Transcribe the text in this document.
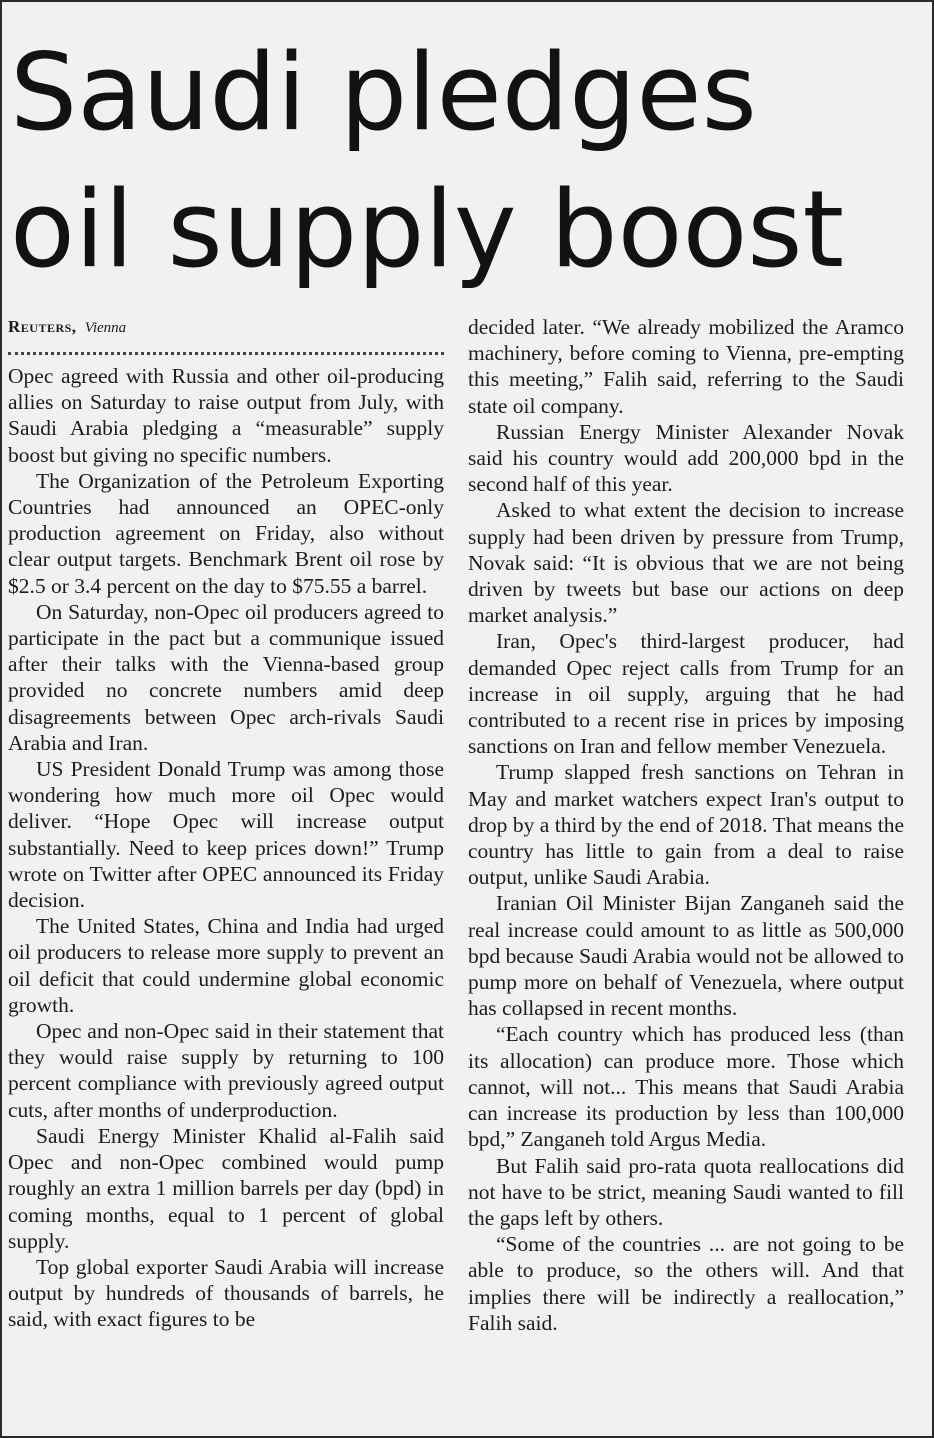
Saudi pledges
oil supply boost

Reuters, Vienna

Opec agreed with Russia and other oil-producing allies on Saturday to raise output from July, with Saudi Arabia pledging a “measurable” supply boost but giving no specific numbers.

The Organization of the Petroleum Exporting Countries had announced an OPEC-only production agreement on Friday, also without clear output targets. Benchmark Brent oil rose by $2.5 or 3.4 percent on the day to $75.55 a barrel.

On Saturday, non-Opec oil producers agreed to participate in the pact but a communique issued after their talks with the Vienna-based group provided no concrete numbers amid deep disagreements between Opec arch-rivals Saudi Arabia and Iran.

US President Donald Trump was among those wondering how much more oil Opec would deliver. “Hope Opec will increase output substantially. Need to keep prices down!” Trump wrote on Twitter after OPEC announced its Friday decision.

The United States, China and India had urged oil producers to release more supply to prevent an oil deficit that could undermine global economic growth.

Opec and non-Opec said in their statement that they would raise supply by returning to 100 percent compliance with previously agreed output cuts, after months of underproduction.

Saudi Energy Minister Khalid al-Falih said Opec and non-Opec combined would pump roughly an extra 1 million barrels per day (bpd) in coming months, equal to 1 percent of global supply.

Top global exporter Saudi Arabia will increase output by hundreds of thousands of barrels, he said, with exact figures to be

decided later. “We already mobilized the Aramco machinery, before coming to Vienna, pre-empting this meeting,” Falih said, referring to the Saudi state oil company.

Russian Energy Minister Alexander Novak said his country would add 200,000 bpd in the second half of this year.

Asked to what extent the decision to increase supply had been driven by pressure from Trump, Novak said: “It is obvious that we are not being driven by tweets but base our actions on deep market analysis.”

Iran, Opec's third-largest producer, had demanded Opec reject calls from Trump for an increase in oil supply, arguing that he had contributed to a recent rise in prices by imposing sanctions on Iran and fellow member Venezuela.

Trump slapped fresh sanctions on Tehran in May and market watchers expect Iran's output to drop by a third by the end of 2018. That means the country has little to gain from a deal to raise output, unlike Saudi Arabia.

Iranian Oil Minister Bijan Zanganeh said the real increase could amount to as little as 500,000 bpd because Saudi Arabia would not be allowed to pump more on behalf of Venezuela, where output has collapsed in recent months.

“Each country which has produced less (than its allocation) can produce more. Those which cannot, will not... This means that Saudi Arabia can increase its production by less than 100,000 bpd,” Zanganeh told Argus Media.

But Falih said pro-rata quota reallocations did not have to be strict, meaning Saudi wanted to fill the gaps left by others.

“Some of the countries ... are not going to be able to produce, so the others will. And that implies there will be indirectly a reallocation,” Falih said.
